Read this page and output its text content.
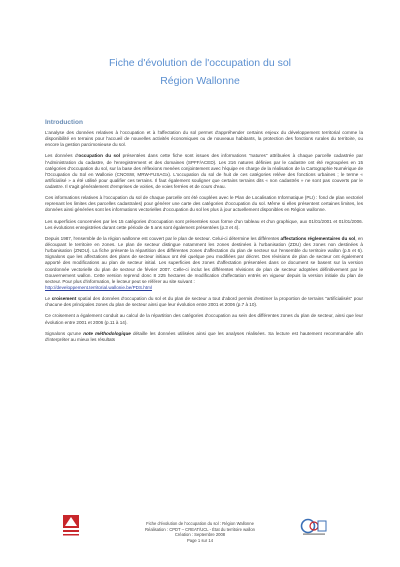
Fiche d'évolution de l'occupation du sol
Région Wallonne
Introduction

L'analyse des données relatives à l'occupation et à l'affectation du sol permet d'appréhender certains enjeux du développement territorial comme la disponibilité en terrains pour l'accueil de nouvelles activités économiques ou de nouveaux habitants, la protection des fonctions rurales du territoire, ou encore la gestion parcimonieuse du sol.

Les données d'occupation du sol présentées dans cette fiche sont issues des informations "natures" attribuées à chaque parcelle cadastrée par l'Administration du cadastre, de l'enregistrement et des domaines (SPFF/ACED). Les 216 natures définies par le cadastre ont été regroupées en 15 catégories d'occupation du sol, sur la base des réflexions menées conjointement avec l'équipe en charge de la réalisation de la Cartographie Numérique de l'Occupation du Sol en Wallonie (CNOSW, MRW-FUSAGx). L'occupation du sol de huit de ces catégories relève des fonctions urbaines ; le terme « artificialisé » a été utilisé pour qualifier ces terrains. Il faut également souligner que certains terrains dits « non cadastrés » ne sont pas couverts par le cadastre. Il s'agit généralement d'emprises de voiries, de voies ferrées et de cours d'eau.

Ces informations relatives à l'occupation du sol de chaque parcelle ont été couplées avec le Plan de Localisation Informatique (PLI) : fond de plan vectoriel reprenant les limites des parcelles cadastrales) pour générer une carte des catégories d'occupation du sol. Même si elles présentent certaines limites, les données ainsi générées sont les informations vectorielles d'occupation du sol les plus à jour actuellement disponibles en Région wallonne.

Les superficies concernées par les 15 catégories d'occupation sont présentées sous forme d'un tableau et d'un graphique, aux 01/01/2001 et 01/01/2006. Les évolutions enregistrées durant cette période de 5 ans sont également présentées (p.3 et 4).

Depuis 1987, l'ensemble de la région wallonne est couvert par le plan de secteur. Celui-ci détermine les différentes affectations réglementaires du sol, en découpant le territoire en zones. Le plan de secteur distingue notamment les zones destinées à l'urbanisation (ZDU) des zones non destinées à l'urbanisation (ZNDU). La fiche présente la répartition des différentes zones d'affectation du plan de secteur sur l'ensemble du territoire wallon (p.5 et 6). Signalons que les affectations des plans de secteur initiaux ont été quelque peu modifiées par décret. Des révisions de plan de secteur ont également apporté des modifications au plan de secteur initial. Les superficies des zones d'affectation présentées dans ce document se basent sur la version coordonnée vectorielle du plan de secteur de février 2007. Celle-ci inclut les différentes révisions de plan de secteur adoptées définitivement par le Gouvernement wallon. Cette version reprend donc 8 225 hectares de modification d'affectation entrés en vigueur depuis la version initiale du plan de secteur. Pour plus d'information, le lecteur peut se référer au site suivant :
http://developpement.territorial.wallonie.be/PDS.html

Le croisement spatial des données d'occupation du sol et du plan de secteur a tout d'abord permis d'estimer la proportion de terrains "artificialisés" pour chacune des principales zones du plan de secteur ainsi que leur évolution entre 2001 et 2006 (p.7 à 10).

Ce croisement a également conduit au calcul de la répartition des catégories d'occupation au sein des différentes zones du plan de secteur, ainsi que leur évolution entre 2001 et 2006 (p.11 à 14).

Signalons qu'une note méthodologique détaille les données utilisées ainsi que les analyses réalisées. Sa lecture est hautement recommandée afin d'interpréter au mieux les résultats

Fiche d'évolution de l'occupation du sol : Région Wallonne
Réalisation : CPDT – CREAT/UCL - État du territoire wallon
Création : Septembre 2008
Page 1 sur 14
